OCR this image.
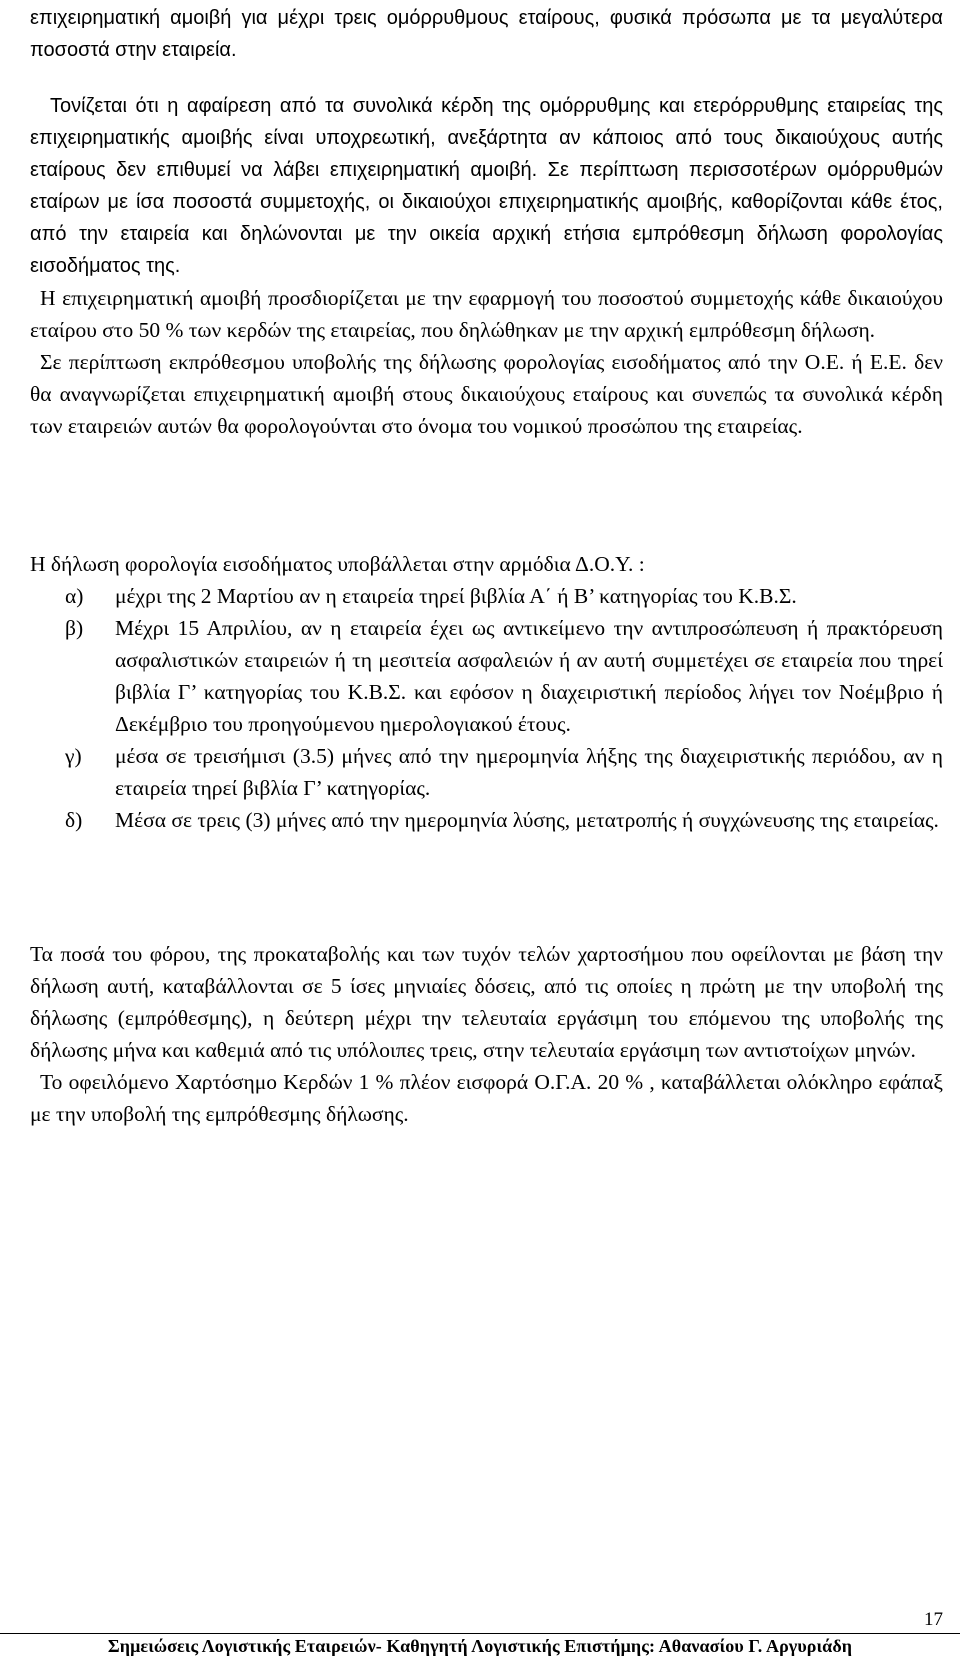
επιχειρηματική αμοιβή για μέχρι τρεις ομόρρυθμους εταίρους, φυσικά πρόσωπα με τα μεγαλύτερα ποσοστά στην εταιρεία.

Τονίζεται ότι η αφαίρεση από τα συνολικά κέρδη της ομόρρυθμης και ετερόρρυθμης εταιρείας της επιχειρηματικής αμοιβής είναι υποχρεωτική, ανεξάρτητα αν κάποιος από τους δικαιούχους αυτής εταίρους δεν επιθυμεί να λάβει επιχειρηματική αμοιβή. Σε περίπτωση περισσοτέρων ομόρρυθμών εταίρων με ίσα ποσοστά συμμετοχής, οι δικαιούχοι επιχειρηματικής αμοιβής, καθορίζονται κάθε έτος, από την εταιρεία και δηλώνονται με την οικεία αρχική ετήσια εμπρόθεσμη δήλωση φορολογίας εισοδήματος της.

Η επιχειρηματική αμοιβή προσδιορίζεται με την εφαρμογή του ποσοστού συμμετοχής κάθε δικαιούχου εταίρου στο 50 % των κερδών της εταιρείας, που δηλώθηκαν με την αρχική εμπρόθεσμη δήλωση.

Σε περίπτωση εκπρόθεσμου υποβολής της δήλωσης φορολογίας εισοδήματος από την Ο.Ε. ή Ε.Ε. δεν θα αναγνωρίζεται επιχειρηματική αμοιβή στους δικαιούχους εταίρους και συνεπώς τα συνολικά κέρδη των εταιρειών αυτών θα φορολογούνται στο όνομα του νομικού προσώπου της εταιρείας.

Η δήλωση φορολογία εισοδήματος υποβάλλεται στην αρμόδια Δ.Ο.Υ. :

α) μέχρι της 2 Μαρτίου αν η εταιρεία τηρεί βιβλία Α΄ ή Β’ κατηγορίας του Κ.Β.Σ.
β) Μέχρι 15 Απριλίου, αν η εταιρεία έχει ως αντικείμενο την αντιπροσώπευση ή πρακτόρευση ασφαλιστικών εταιρειών ή τη μεσιτεία ασφαλειών ή αν αυτή συμμετέχει σε εταιρεία που τηρεί βιβλία Γ’ κατηγορίας του Κ.Β.Σ. και εφόσον η διαχειριστική περίοδος λήγει τον Νοέμβριο ή Δεκέμβριο του προηγούμενου ημερολογιακού έτους.
γ) μέσα σε τρεισήμισι (3.5) μήνες από την ημερομηνία λήξης της διαχειριστικής περιόδου, αν η εταιρεία τηρεί βιβλία Γ’ κατηγορίας.
δ) Μέσα σε τρεις (3) μήνες από την ημερομηνία λύσης, μετατροπής ή συγχώνευσης της εταιρείας.

Τα ποσά του φόρου, της προκαταβολής και των τυχόν τελών χαρτοσήμου που οφείλονται με βάση την δήλωση αυτή, καταβάλλονται σε 5 ίσες μηνιαίες δόσεις, από τις οποίες η πρώτη με την υποβολή της δήλωσης (εμπρόθεσμης), η δεύτερη μέχρι την τελευταία εργάσιμη του επόμενου της υποβολής της δήλωσης μήνα και καθεμιά από τις υπόλοιπες τρεις, στην τελευταία εργάσιμη των αντιστοίχων μηνών.

Το οφειλόμενο Χαρτόσημο Κερδών 1 % πλέον εισφορά Ο.Γ.Α. 20 % , καταβάλλεται ολόκληρο εφάπαξ με την υποβολή της εμπρόθεσμης δήλωσης.

17
Σημειώσεις Λογιστικής Εταιρειών- Καθηγητή Λογιστικής Επιστήμης: Αθανασίου Γ. Αργυριάδη
